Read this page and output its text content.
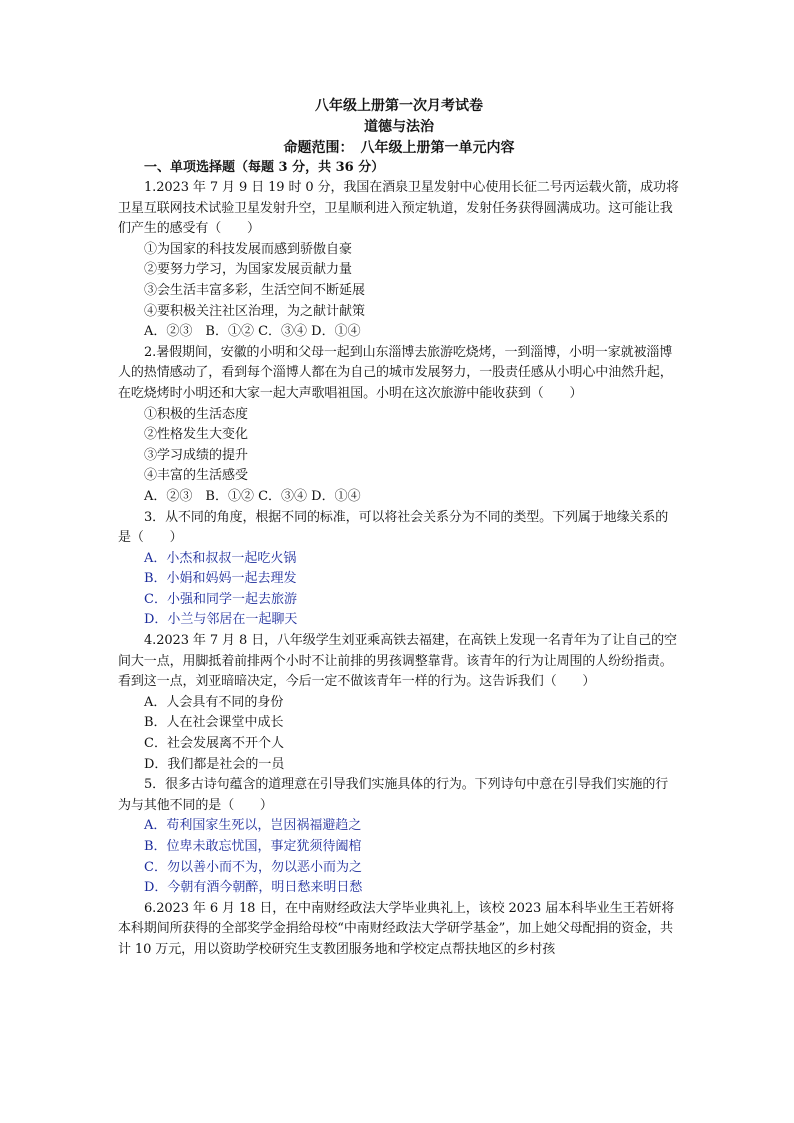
八年级上册第一次月考试卷

道德与法治

命题范围：　八年级上册第一单元内容

一、单项选择题（每题 3 分，共 36 分）

1.2023 年 7 月 9 日 19 时 0 分，我国在酒泉卫星发射中心使用长征二号丙运载火箭，成功将卫星互联网技术试验卫星发射升空，卫星顺利进入预定轨道，发射任务获得圆满成功。这可能让我们产生的感受有（　　）

①为国家的科技发展而感到骄傲自豪

②要努力学习，为国家发展贡献力量

③会生活丰富多彩，生活空间不断延展

④要积极关注社区治理，为之献计献策

A．②③　B．①② C．③④ D．①④

2.暑假期间，安徽的小明和父母一起到山东淄博去旅游吃烧烤，一到淄博，小明一家就被淄博人的热情感动了，看到每个淄博人都在为自己的城市发展努力，一股责任感从小明心中油然升起，在吃烧烤时小明还和大家一起大声歌唱祖国。小明在这次旅游中能收获到（　　）

①积极的生活态度

②性格发生大变化

③学习成绩的提升

④丰富的生活感受

A．②③　B．①② C．③④ D．①④

3．从不同的角度，根据不同的标准，可以将社会关系分为不同的类型。下列属于地缘关系的是（　　）

A．小杰和叔叔一起吃火锅

B．小娟和妈妈一起去理发

C．小强和同学一起去旅游

D．小兰与邻居在一起聊天

4.2023 年 7 月 8 日，八年级学生刘亚乘高铁去福建，在高铁上发现一名青年为了让自己的空间大一点，用脚抵着前排两个小时不让前排的男孩调整靠背。该青年的行为让周围的人纷纷指责。看到这一点，刘亚暗暗决定，今后一定不做该青年一样的行为。这告诉我们（　　）

A．人会具有不同的身份

B．人在社会课堂中成长

C．社会发展离不开个人

D．我们都是社会的一员

5．很多古诗句蕴含的道理意在引导我们实施具体的行为。下列诗句中意在引导我们实施的行为与其他不同的是（　　）

A．苟利国家生死以，岂因祸福避趋之

B．位卑未敢忘忧国，事定犹须待阖棺

C．勿以善小而不为，勿以恶小而为之

D．今朝有酒今朝醉，明日愁来明日愁

6.2023 年 6 月 18 日，在中南财经政法大学毕业典礼上，该校 2023 届本科毕业生王若妍将本科期间所获得的全部奖学金捐给母校“中南财经政法大学研学基金”，加上她父母配捐的资金，共计 10 万元，用以资助学校研究生支教团服务地和学校定点帮扶地区的乡村孩
